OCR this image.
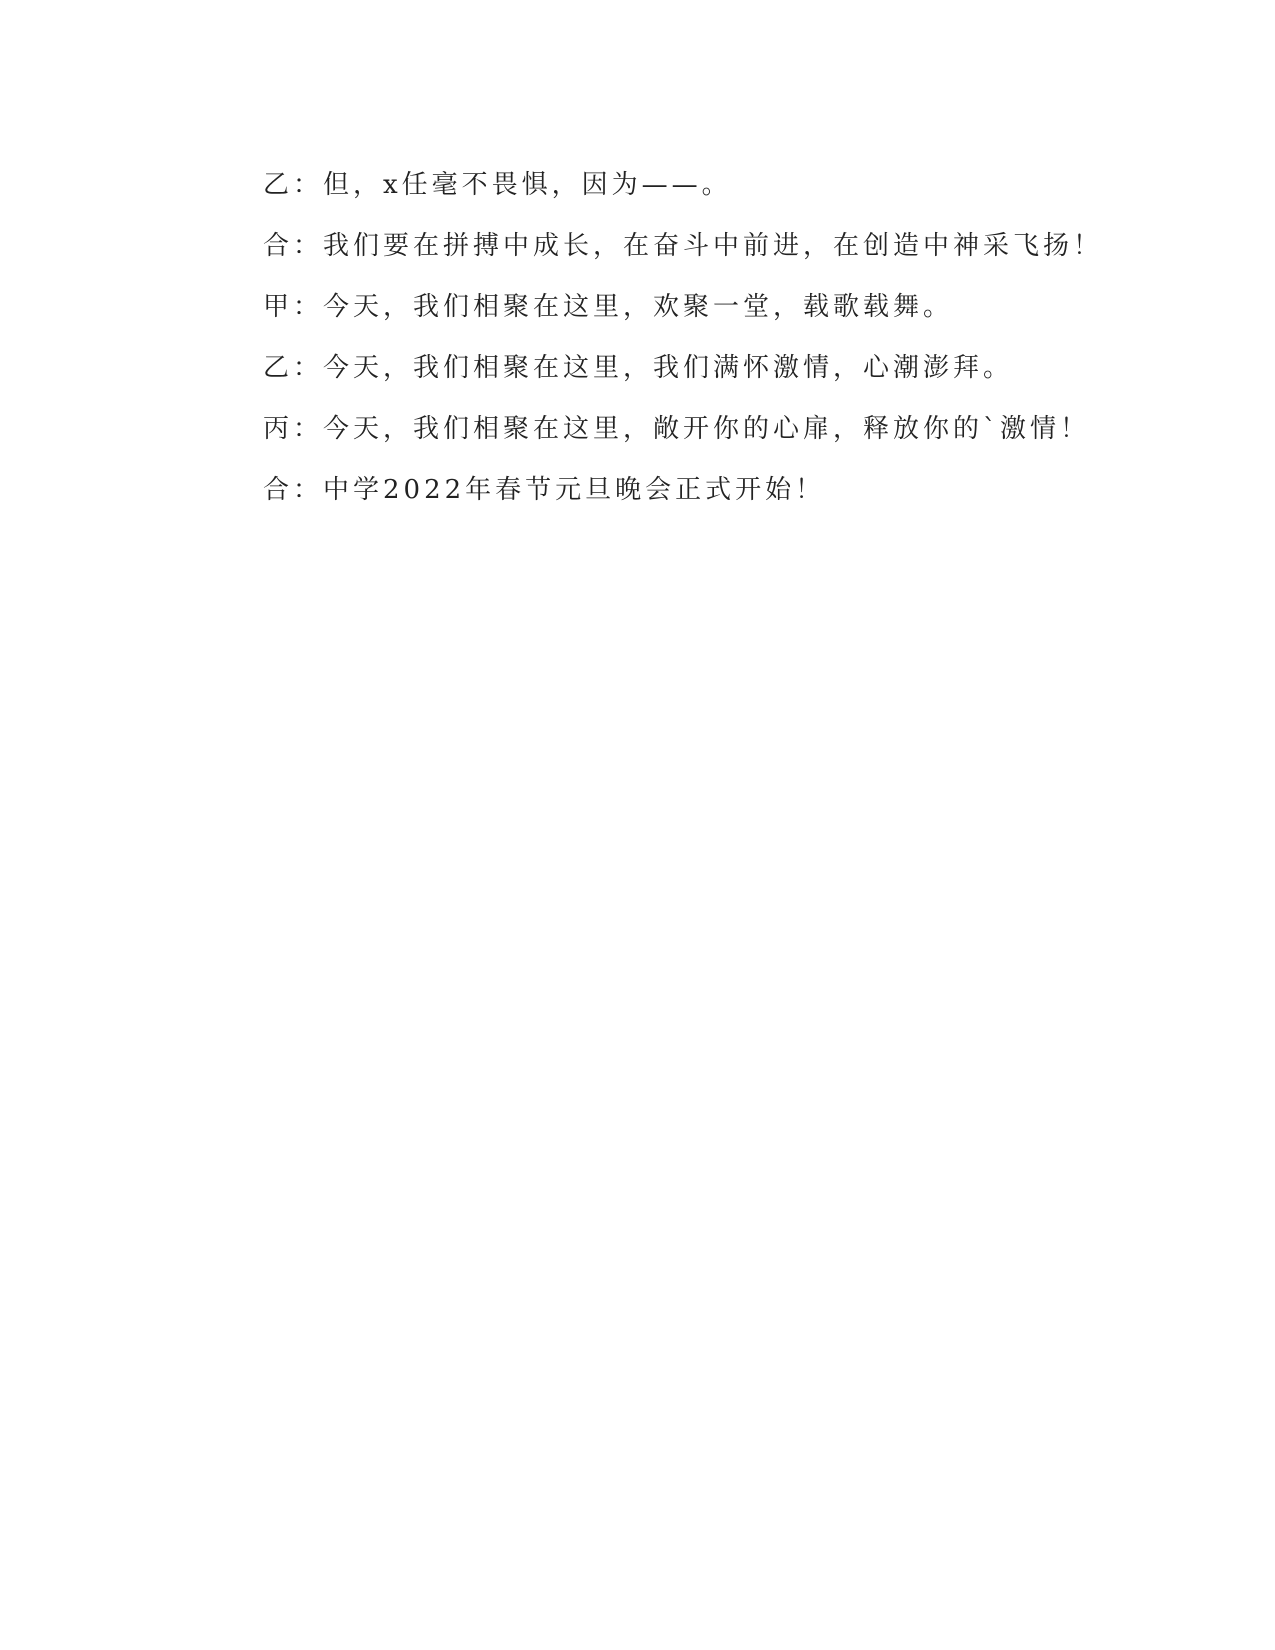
乙：但，x任毫不畏惧，因为——。

合：我们要在拼搏中成长，在奋斗中前进，在创造中神采飞扬！

甲：今天，我们相聚在这里，欢聚一堂，载歌载舞。

乙：今天，我们相聚在这里，我们满怀激情，心潮澎拜。

丙：今天，我们相聚在这里，敞开你的心扉，释放你的`激情！

合：中学2022年春节元旦晚会正式开始！
